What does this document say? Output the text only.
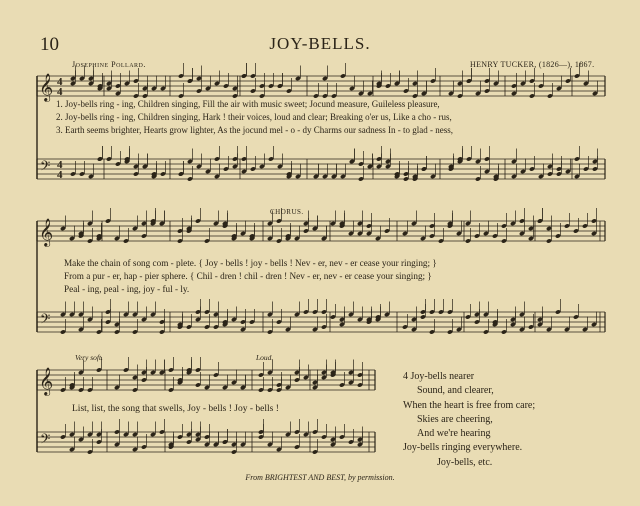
10	JOY-BELLS.
Josephine Pollard.	HENRY TUCKER, (1826—), 1867.
𝄞
𝄢
4
4
4
4
𝄞
𝄢
𝄞
𝄢
1. Joy-bells ring - ing, Children singing, Fill the air with music sweet; Jocund measure, Guileless pleasure,
2. Joy-bells ring - ing, Children singing, Hark ! their voices, loud and clear; Breaking o'er us, Like a cho - rus,
3. Earth seems brighter, Hearts grow lighter, As the jocund mel - o - dy Charms our sadness In - to glad - ness,
CHORUS.
Make the chain of song com - plete. { Joy - bells ! joy - bells ! Nev - er, nev - er cease your ringing; }
From a pur - er, hap - pier sphere. { Chil - dren ! chil - dren ! Nev - er, nev - er cease your singing; }
Peal - ing, peal - ing, joy - ful - ly.
Very soft.	Loud.
List, list, the song that swells, Joy - bells ! Joy - bells !
4 Joy-bells nearer
Sound, and clearer,
When the heart is free from care;
Skies are cheering,
And we're hearing
Joy-bells ringing everywhere.
Joy-bells, etc.
From BRIGHTEST AND BEST, by permission.
